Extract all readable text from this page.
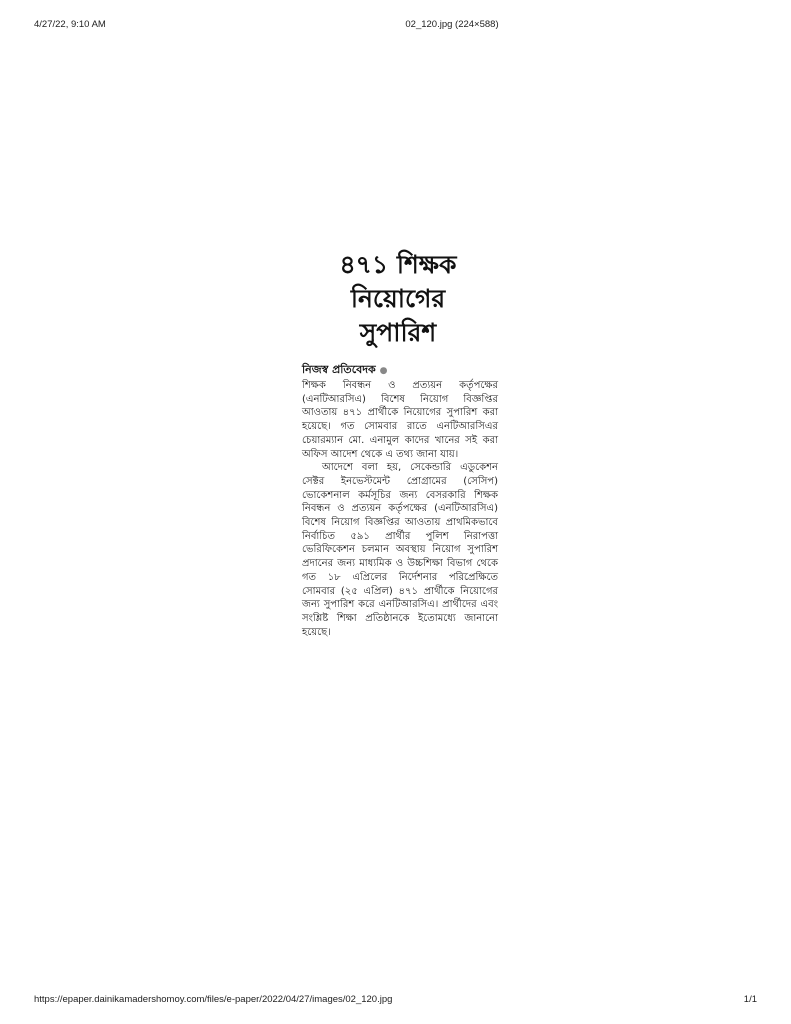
4/27/22, 9:10 AM	02_120.jpg (224×588)
৪৭১ শিক্ষক
নিয়োগের
সুপারিশ
নিজস্ব প্রতিবেদক ●

শিক্ষক নিবন্ধন ও প্রত্যয়ন কর্তৃপক্ষের (এনটিআরসিএ) বিশেষ নিয়োগ বিজ্ঞপ্তির আওতায় ৪৭১ প্রার্থীকে নিয়োগের সুপারিশ করা হয়েছে। গত সোমবার রাতে এনটিআরসিএর চেয়ারম্যান মো. এনামুল কাদের খানের সই করা অফিস আদেশ থেকে এ তথ্য জানা যায়।

আদেশে বলা হয়, সেকেন্ডারি এডুকেশন সেক্টর ইনভেস্টমেন্ট প্রোগ্রামের (সেসিপ) ভোকেশনাল কর্মসূচির জন্য বেসরকারি শিক্ষক নিবন্ধন ও প্রত্যয়ন কর্তৃপক্ষের (এনটিআরসিএ) বিশেষ নিয়োগ বিজ্ঞপ্তির আওতায় প্রাথমিকভাবে নির্বাচিত ৫৯১ প্রার্থীর পুলিশ নিরাপত্তা ভেরিফিকেশন চলমান অবস্থায় নিয়োগ সুপারিশ প্রদানের জন্য মাধ্যমিক ও উচ্চশিক্ষা বিভাগ থেকে গত ১৮ এপ্রিলের নির্দেশনার পরিপ্রেক্ষিতে সোমবার (২৫ এপ্রিল) ৪৭১ প্রার্থীকে নিয়োগের জন্য সুপারিশ করে এনটিআরসিএ। প্রার্থীদের এবং সংশ্লিষ্ট শিক্ষা প্রতিষ্ঠানকে ইতোমধ্যে জানানো হয়েছে।

https://epaper.dainikamadershomoy.com/files/e-paper/2022/04/27/images/02_120.jpg	1/1
